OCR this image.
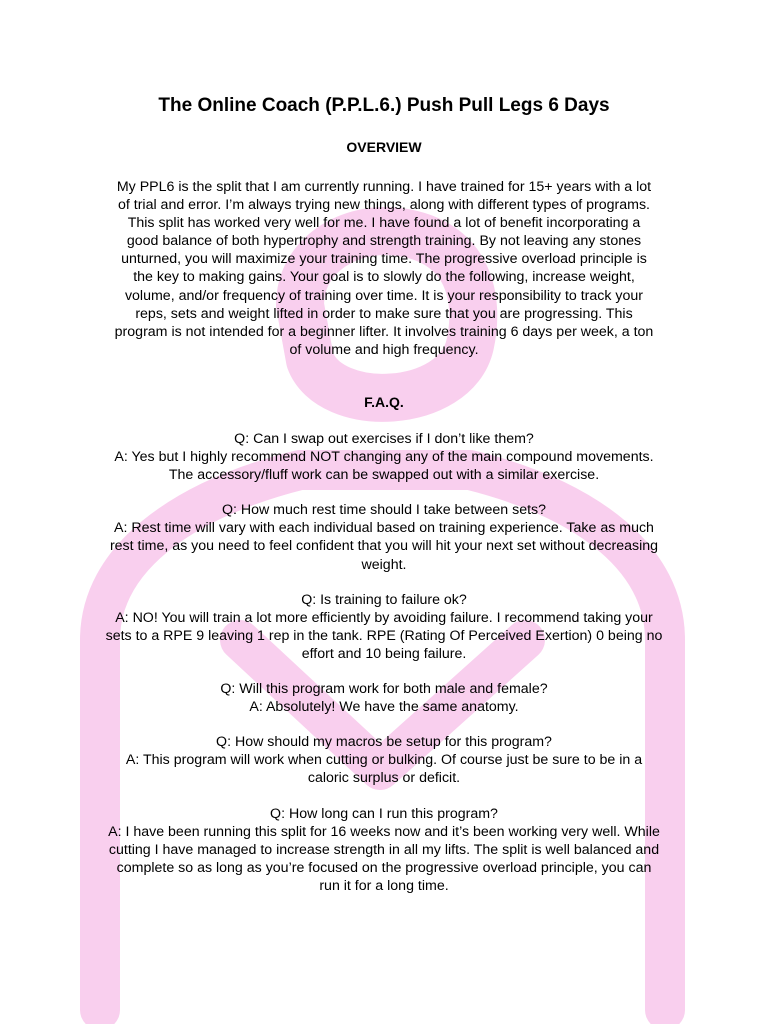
The Online Coach (P.P.L.6.) Push Pull Legs 6 Days
OVERVIEW

My PPL6 is the split that I am currently running. I have trained for 15+ years with a lot of trial and error. I’m always trying new things, along with different types of programs. This split has worked very well for me. I have found a lot of benefit incorporating a good balance of both hypertrophy and strength training. By not leaving any stones unturned, you will maximize your training time. The progressive overload principle is the key to making gains. Your goal is to slowly do the following, increase weight, volume, and/or frequency of training over time. It is your responsibility to track your reps, sets and weight lifted in order to make sure that you are progressing. This program is not intended for a beginner lifter. It involves training 6 days per week, a ton of volume and high frequency.

F.A.Q.

Q: Can I swap out exercises if I don’t like them?

A: Yes but I highly recommend NOT changing any of the main compound movements. The accessory/fluff work can be swapped out with a similar exercise.

Q: How much rest time should I take between sets?

A: Rest time will vary with each individual based on training experience. Take as much rest time, as you need to feel confident that you will hit your next set without decreasing weight.

Q: Is training to failure ok?

A: NO! You will train a lot more efficiently by avoiding failure. I recommend taking your sets to a RPE 9 leaving 1 rep in the tank. RPE (Rating Of Perceived Exertion) 0 being no effort and 10 being failure.

Q: Will this program work for both male and female?

A: Absolutely! We have the same anatomy.

Q: How should my macros be setup for this program?

A: This program will work when cutting or bulking. Of course just be sure to be in a caloric surplus or deficit.

Q: How long can I run this program?

A: I have been running this split for 16 weeks now and it’s been working very well. While cutting I have managed to increase strength in all my lifts. The split is well balanced and complete so as long as you’re focused on the progressive overload principle, you can run it for a long time.
